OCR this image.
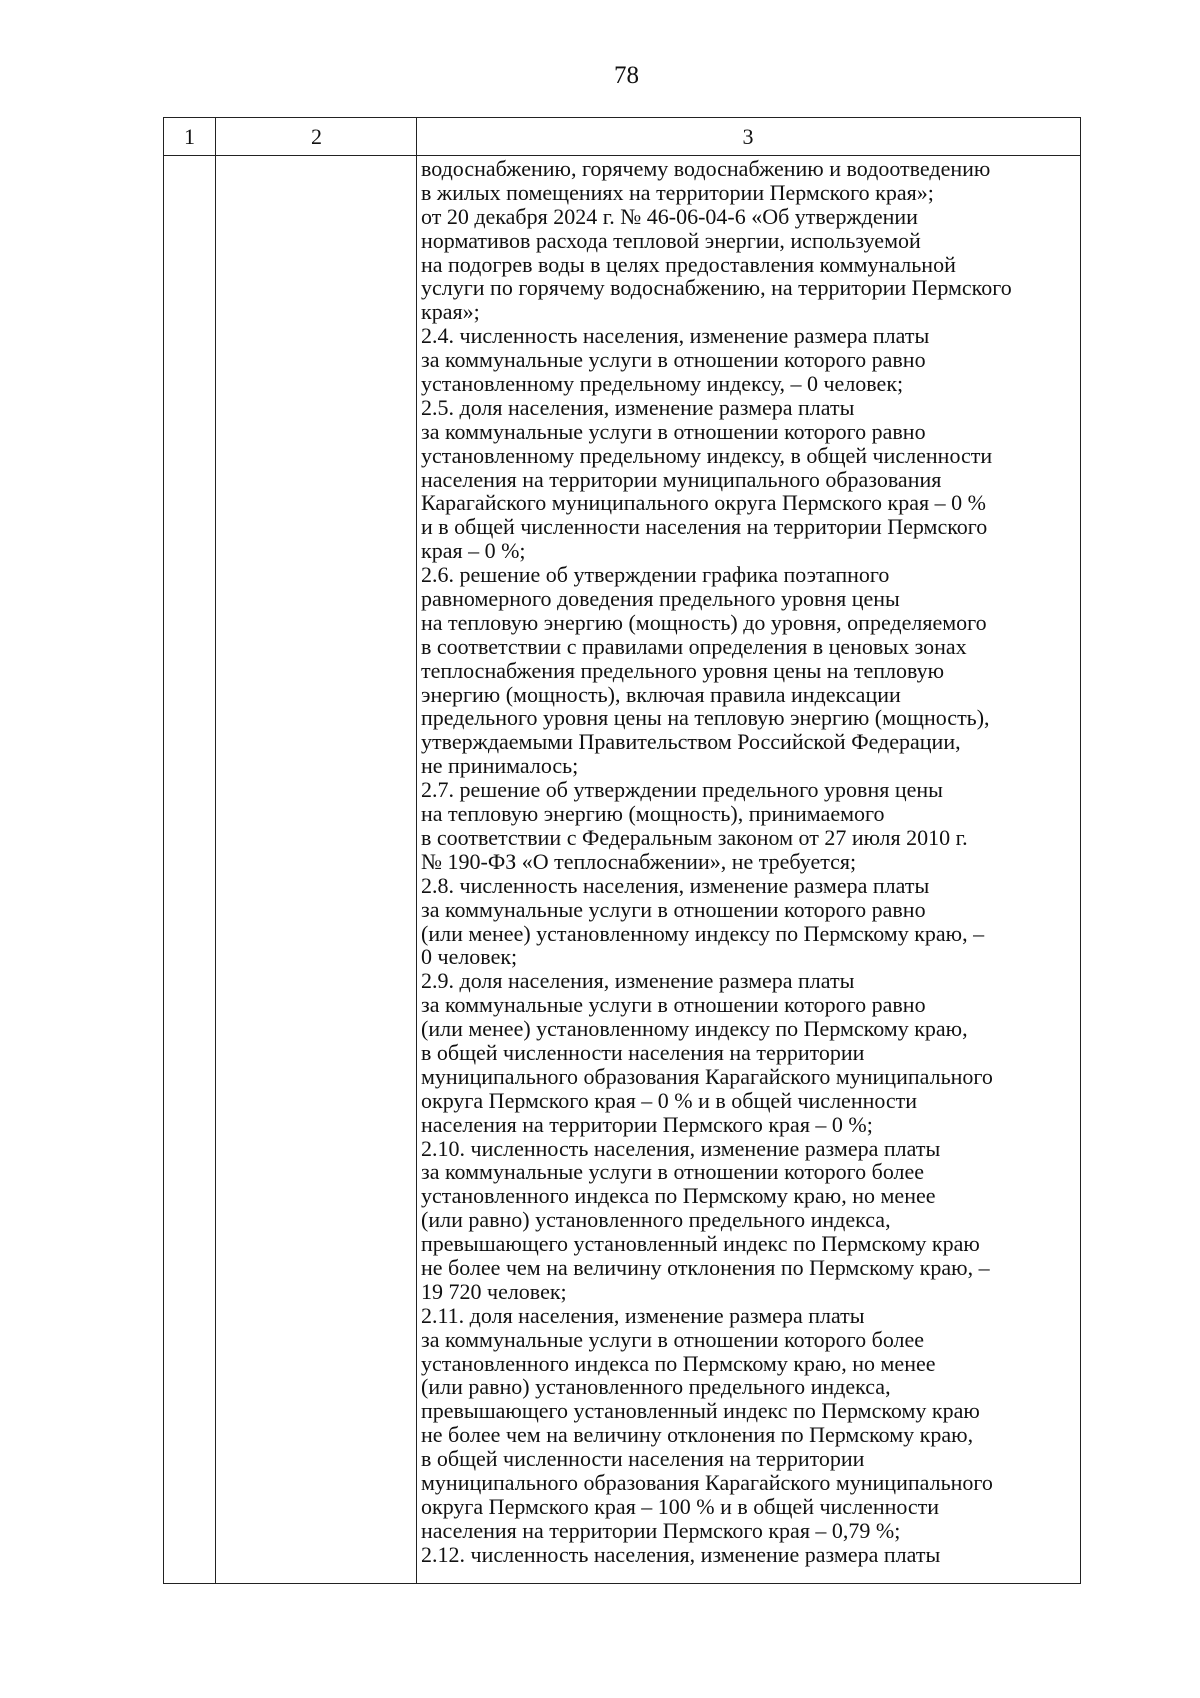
78
1	2	3
водоснабжению, горячему водоснабжению и водоотведению
в жилых помещениях на территории Пермского края»;
от 20 декабря 2024 г. № 46-06-04-6 «Об утверждении
нормативов расхода тепловой энергии, используемой
на подогрев воды в целях предоставления коммунальной
услуги по горячему водоснабжению, на территории Пермского
края»;
2.4. численность населения, изменение размера платы
за коммунальные услуги в отношении которого равно
установленному предельному индексу, – 0 человек;
2.5. доля населения, изменение размера платы
за коммунальные услуги в отношении которого равно
установленному предельному индексу, в общей численности
населения на территории муниципального образования
Карагайского муниципального округа Пермского края – 0 %
и в общей численности населения на территории Пермского
края – 0 %;
2.6. решение об утверждении графика поэтапного
равномерного доведения предельного уровня цены
на тепловую энергию (мощность) до уровня, определяемого
в соответствии с правилами определения в ценовых зонах
теплоснабжения предельного уровня цены на тепловую
энергию (мощность), включая правила индексации
предельного уровня цены на тепловую энергию (мощность),
утверждаемыми Правительством Российской Федерации,
не принималось;
2.7. решение об утверждении предельного уровня цены
на тепловую энергию (мощность), принимаемого
в соответствии с Федеральным законом от 27 июля 2010 г.
№ 190-ФЗ «О теплоснабжении», не требуется;
2.8. численность населения, изменение размера платы
за коммунальные услуги в отношении которого равно
(или менее) установленному индексу по Пермскому краю, –
0 человек;
2.9. доля населения, изменение размера платы
за коммунальные услуги в отношении которого равно
(или менее) установленному индексу по Пермскому краю,
в общей численности населения на территории
муниципального образования Карагайского муниципального
округа Пермского края – 0 % и в общей численности
населения на территории Пермского края – 0 %;
2.10. численность населения, изменение размера платы
за коммунальные услуги в отношении которого более
установленного индекса по Пермскому краю, но менее
(или равно) установленного предельного индекса,
превышающего установленный индекс по Пермскому краю
не более чем на величину отклонения по Пермскому краю, –
19 720 человек;
2.11. доля населения, изменение размера платы
за коммунальные услуги в отношении которого более
установленного индекса по Пермскому краю, но менее
(или равно) установленного предельного индекса,
превышающего установленный индекс по Пермскому краю
не более чем на величину отклонения по Пермскому краю,
в общей численности населения на территории
муниципального образования Карагайского муниципального
округа Пермского края – 100 % и в общей численности
населения на территории Пермского края – 0,79 %;
2.12. численность населения, изменение размера платы
